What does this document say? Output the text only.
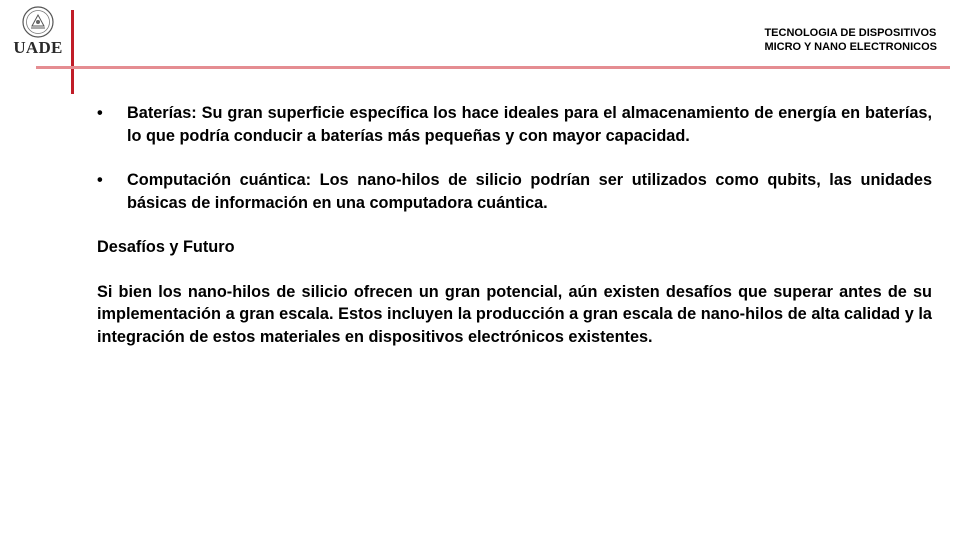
UADE
TECNOLOGIA DE DISPOSITIVOS
MICRO Y NANO ELECTRONICOS
•	Baterías: Su gran superficie específica los hace ideales para el almacenamiento de energía en baterías, lo que podría conducir a baterías más pequeñas y con mayor capacidad.
•	Computación cuántica: Los nano-hilos de silicio podrían ser utilizados como qubits, las unidades básicas de información en una computadora cuántica.
Desafíos y Futuro

Si bien los nano-hilos de silicio ofrecen un gran potencial, aún existen desafíos que superar antes de su implementación a gran escala. Estos incluyen la producción a gran escala de nano-hilos de alta calidad y la integración de estos materiales en dispositivos electrónicos existentes.
